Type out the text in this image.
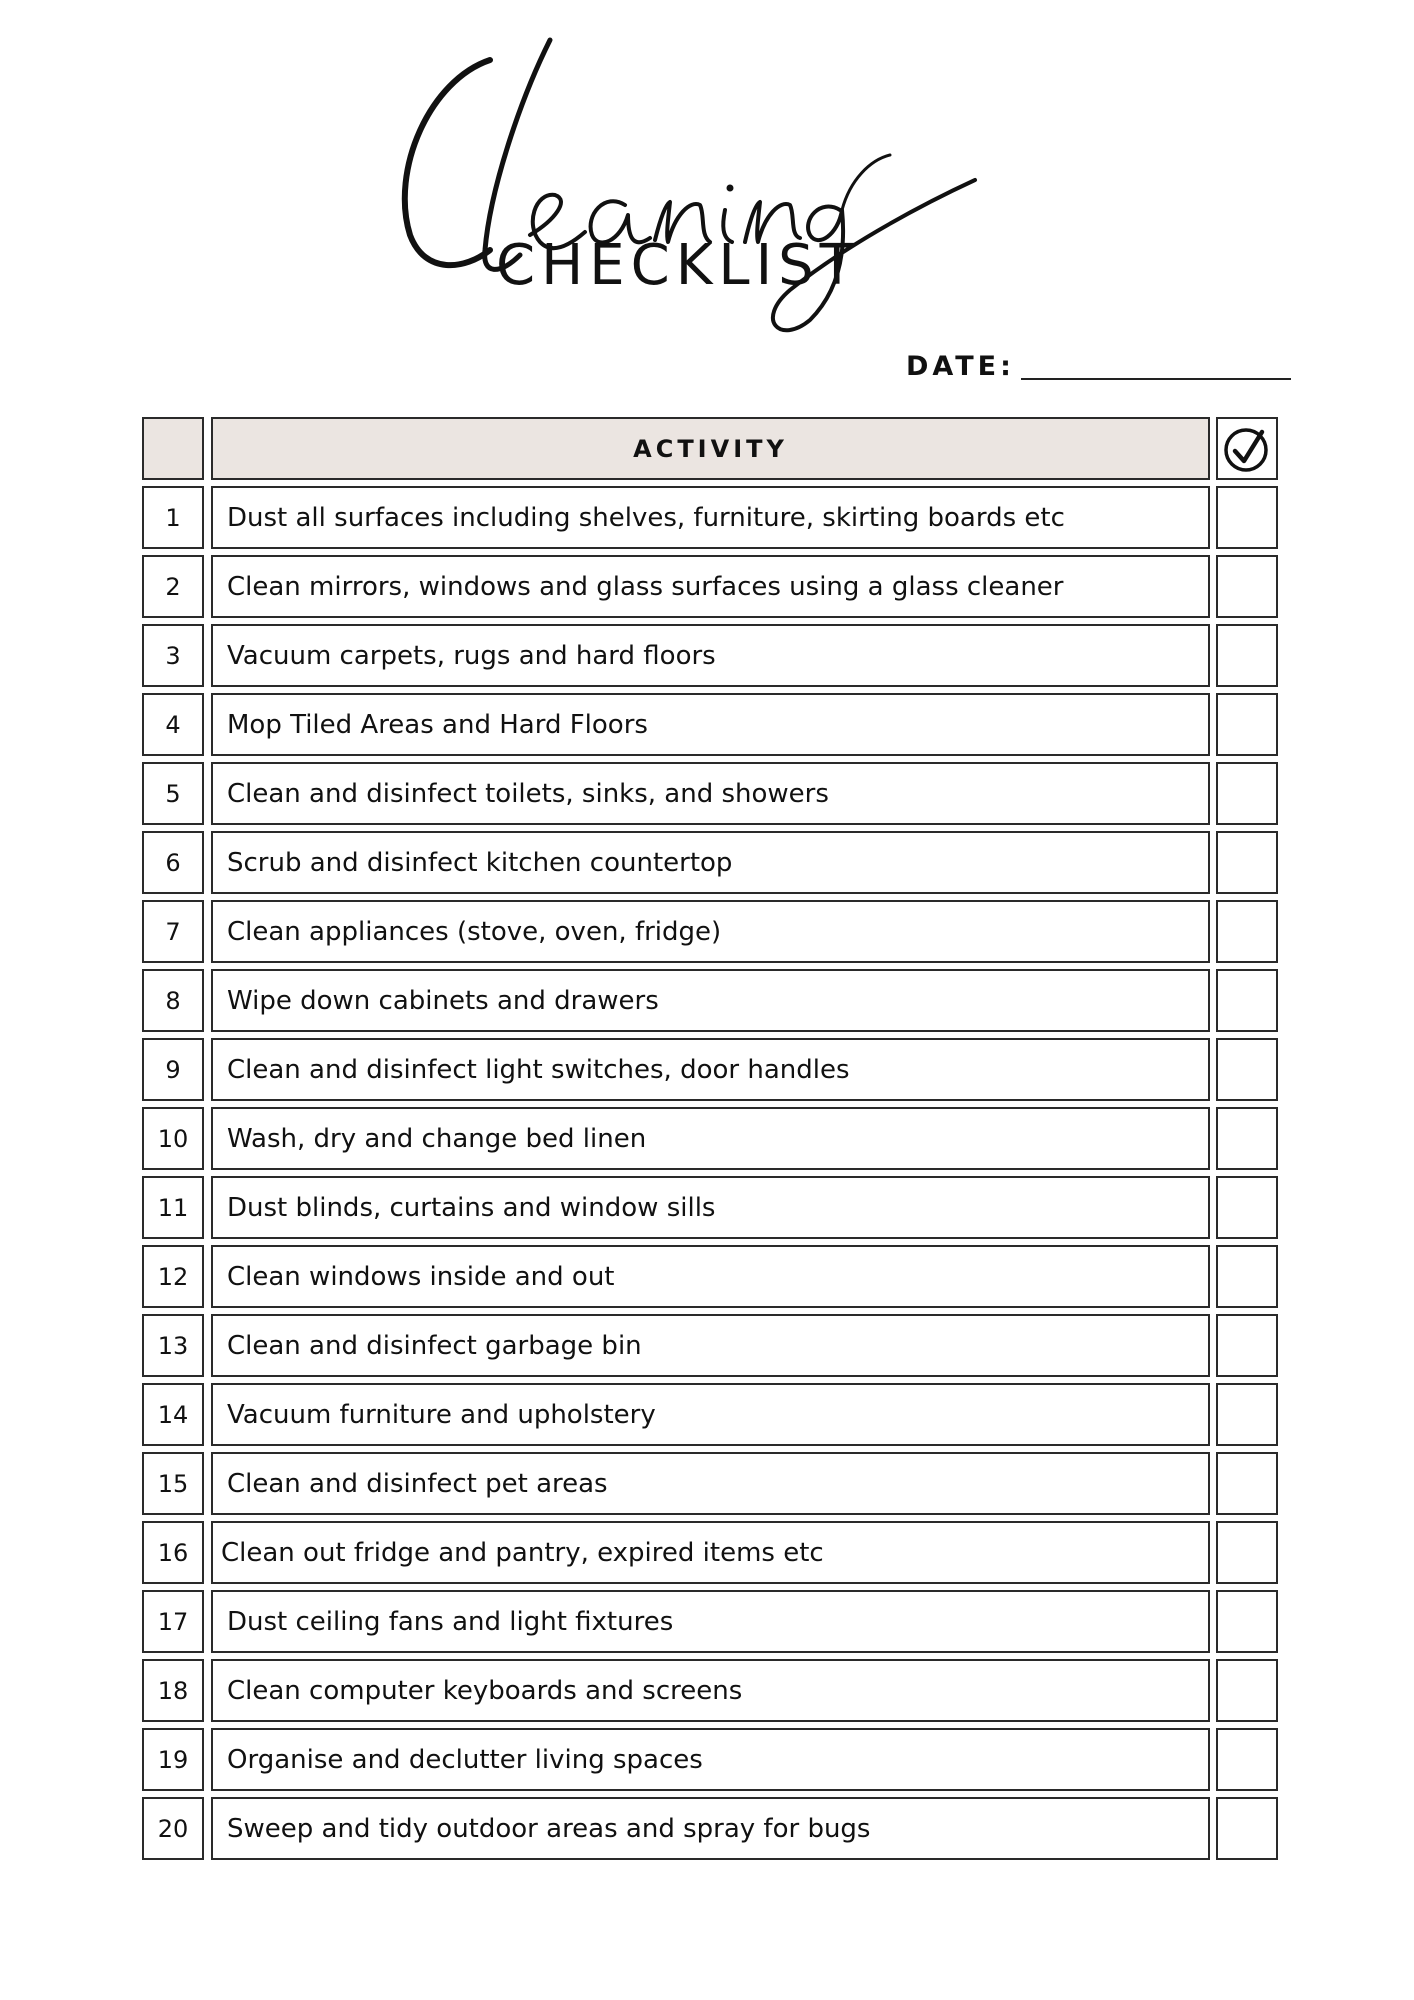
CHECKLIST
DATE:
ACTIVITY
1	Dust all surfaces including shelves, furniture, skirting boards etc
2	Clean mirrors, windows and glass surfaces using a glass cleaner
3	Vacuum carpets, rugs and hard floors
4	Mop Tiled Areas and Hard Floors
5	Clean and disinfect toilets, sinks, and showers
6	Scrub and disinfect kitchen countertop
7	Clean appliances (stove, oven, fridge)
8	Wipe down cabinets and drawers
9	Clean and disinfect light switches, door handles
10	Wash, dry and change bed linen
11	Dust blinds, curtains and window sills
12	Clean windows inside and out
13	Clean and disinfect garbage bin
14	Vacuum furniture and upholstery
15	Clean and disinfect pet areas
16	Clean out fridge and pantry, expired items etc
17	Dust ceiling fans and light fixtures
18	Clean computer keyboards and screens
19	Organise and declutter living spaces
20	Sweep and tidy outdoor areas and spray for bugs
